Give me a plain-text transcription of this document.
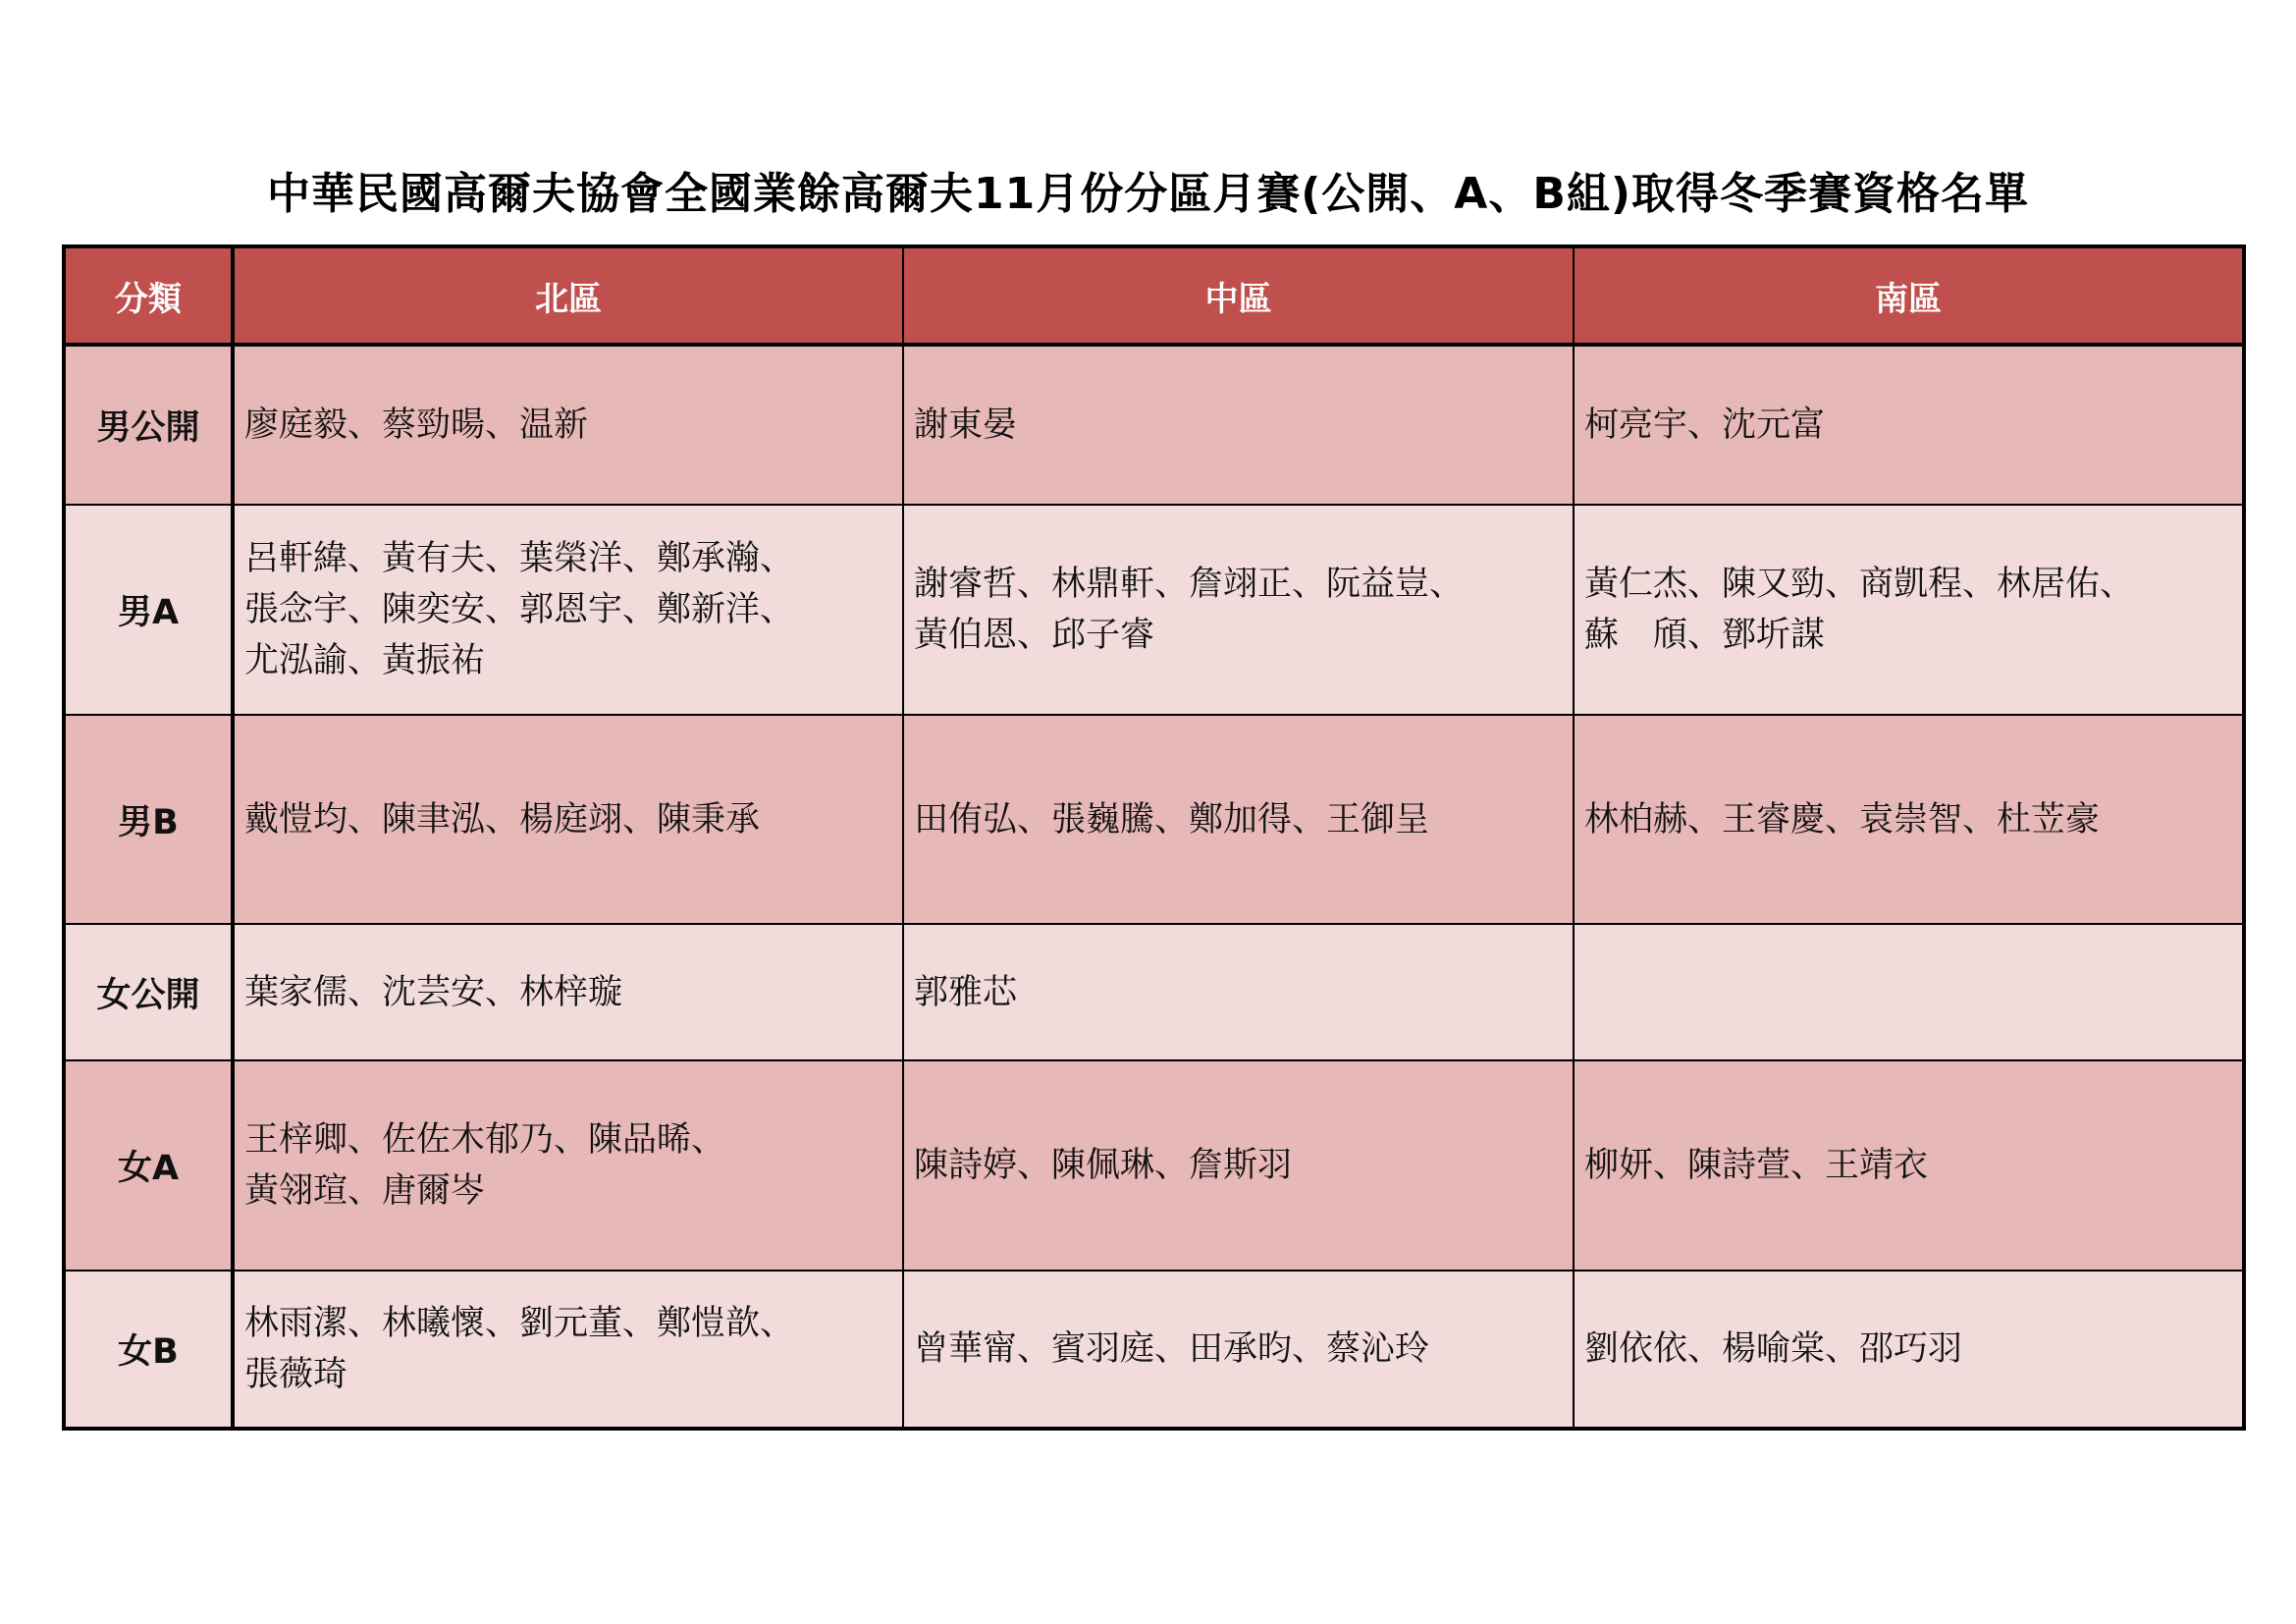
中華民國高爾夫協會全國業餘高爾夫11月份分區月賽(公開、A、B組)取得冬季賽資格名單
分類	北區	中區	南區
男公開	廖庭毅、蔡勁暘、温新	謝東晏	柯亮宇、沈元富
男A	呂軒緯、黃有夫、葉榮洋、鄭承瀚、
張念宇、陳奕安、郭恩宇、鄭新洋、
尤泓諭、黃振祐	謝睿哲、林鼎軒、詹翊正、阮益豈、
黃伯恩、邱子睿	黃仁杰、陳又勁、商凱程、林居佑、
蘇　頎、鄧圻謀
男B	戴愷均、陳聿泓、楊庭翊、陳秉承	田侑弘、張巍騰、鄭加得、王御呈	林柏赫、王睿慶、袁崇智、杜苙豪
女公開	葉家儒、沈芸安、林梓璇	郭雅芯	
女A	王梓卿、佐佐木郁乃、陳品晞、
黃翎瑄、唐爾岑	陳詩婷、陳佩琳、詹斯羽	柳妍、陳詩萱、王靖衣
女B	林雨潔、林曦懷、劉元董、鄭愷歆、
張薇琦	曾華甯、賓羽庭、田承昀、蔡沁玲	劉依依、楊喻棠、邵巧羽
